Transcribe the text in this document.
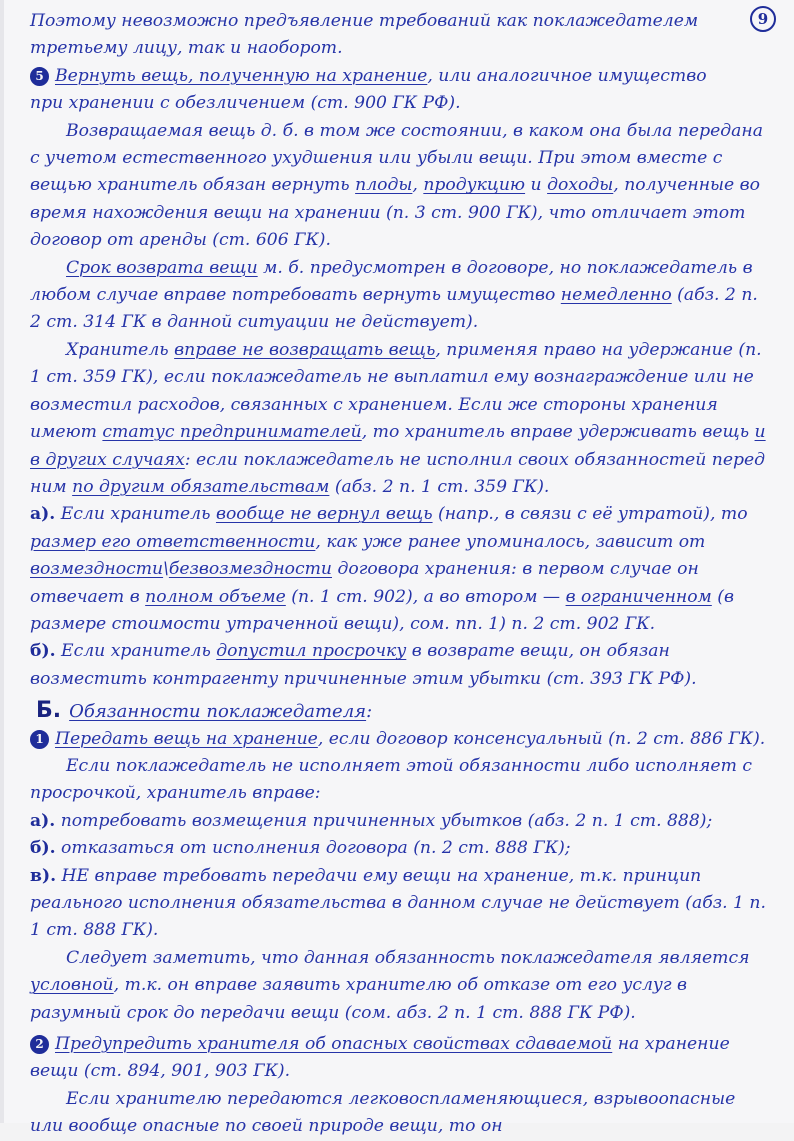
9

Поэтому невозможно предъявление требований как поклажедателем

третьему лицу, так и наоборот.

5 Вернуть вещь, полученную на хранение, или аналогичное имущество

при хранении с обезличением (ст. 900 ГК РФ).

Возвращаемая вещь д. б. в том же состоянии, в каком она была передана с учетом естественного ухудшения или убыли вещи. При этом вместе с вещью хранитель обязан вернуть плоды, продукцию и доходы, полученные во время нахождения вещи на хранении (п. 3 ст. 900 ГК), что отличает этот договор от аренды (ст. 606 ГК).

Срок возврата вещи м. б. предусмотрен в договоре, но поклажедатель в любом случае вправе потребовать вернуть имущество немедленно (абз. 2 п. 2 ст. 314 ГК в данной ситуации не действует).

Хранитель вправе не возвращать вещь, применяя право на удержание (п. 1 ст. 359 ГК), если поклажедатель не выплатил ему вознаграждение или не возместил расходов, связанных с хранением. Если же стороны хранения имеют статус предпринимателей, то хранитель вправе удерживать вещь и в других случаях: если поклажедатель не исполнил своих обязанностей перед ним по другим обязательствам (абз. 2 п. 1 ст. 359 ГК).

а). Если хранитель вообще не вернул вещь (напр., в связи с её утратой), то размер его ответственности, как уже ранее упоминалось, зависит от возмездности\безвозмездности договора хранения: в первом случае он отвечает в полном объеме (п. 1 ст. 902), а во втором — в ограниченном (в размере стоимости утраченной вещи), сом. пп. 1) п. 2 ст. 902 ГК.

б). Если хранитель допустил просрочку в возврате вещи, он обязан возместить контрагенту причиненные этим убытки (ст. 393 ГК РФ).

Б. Обязанности поклажедателя:

1 Передать вещь на хранение, если договор консенсуальный (п. 2 ст. 886 ГК).

Если поклажедатель не исполняет этой обязанности либо исполняет с просрочкой, хранитель вправе:

а). потребовать возмещения причиненных убытков (абз. 2 п. 1 ст. 888);

б). отказаться от исполнения договора (п. 2 ст. 888 ГК);

в). НЕ вправе требовать передачи ему вещи на хранение, т.к. принцип реального исполнения обязательства в данном случае не действует (абз. 1 п. 1 ст. 888 ГК).

Следует заметить, что данная обязанность поклажедателя является условной, т.к. он вправе заявить хранителю об отказе от его услуг в разумный срок до передачи вещи (сом. абз. 2 п. 1 ст. 888 ГК РФ).

2 Предупредить хранителя об опасных свойствах сдаваемой на хранение вещи (ст. 894, 901, 903 ГК).

Если хранителю передаются легковоспламеняющиеся, взрывоопасные или вообще опасные по своей природе вещи, то он
